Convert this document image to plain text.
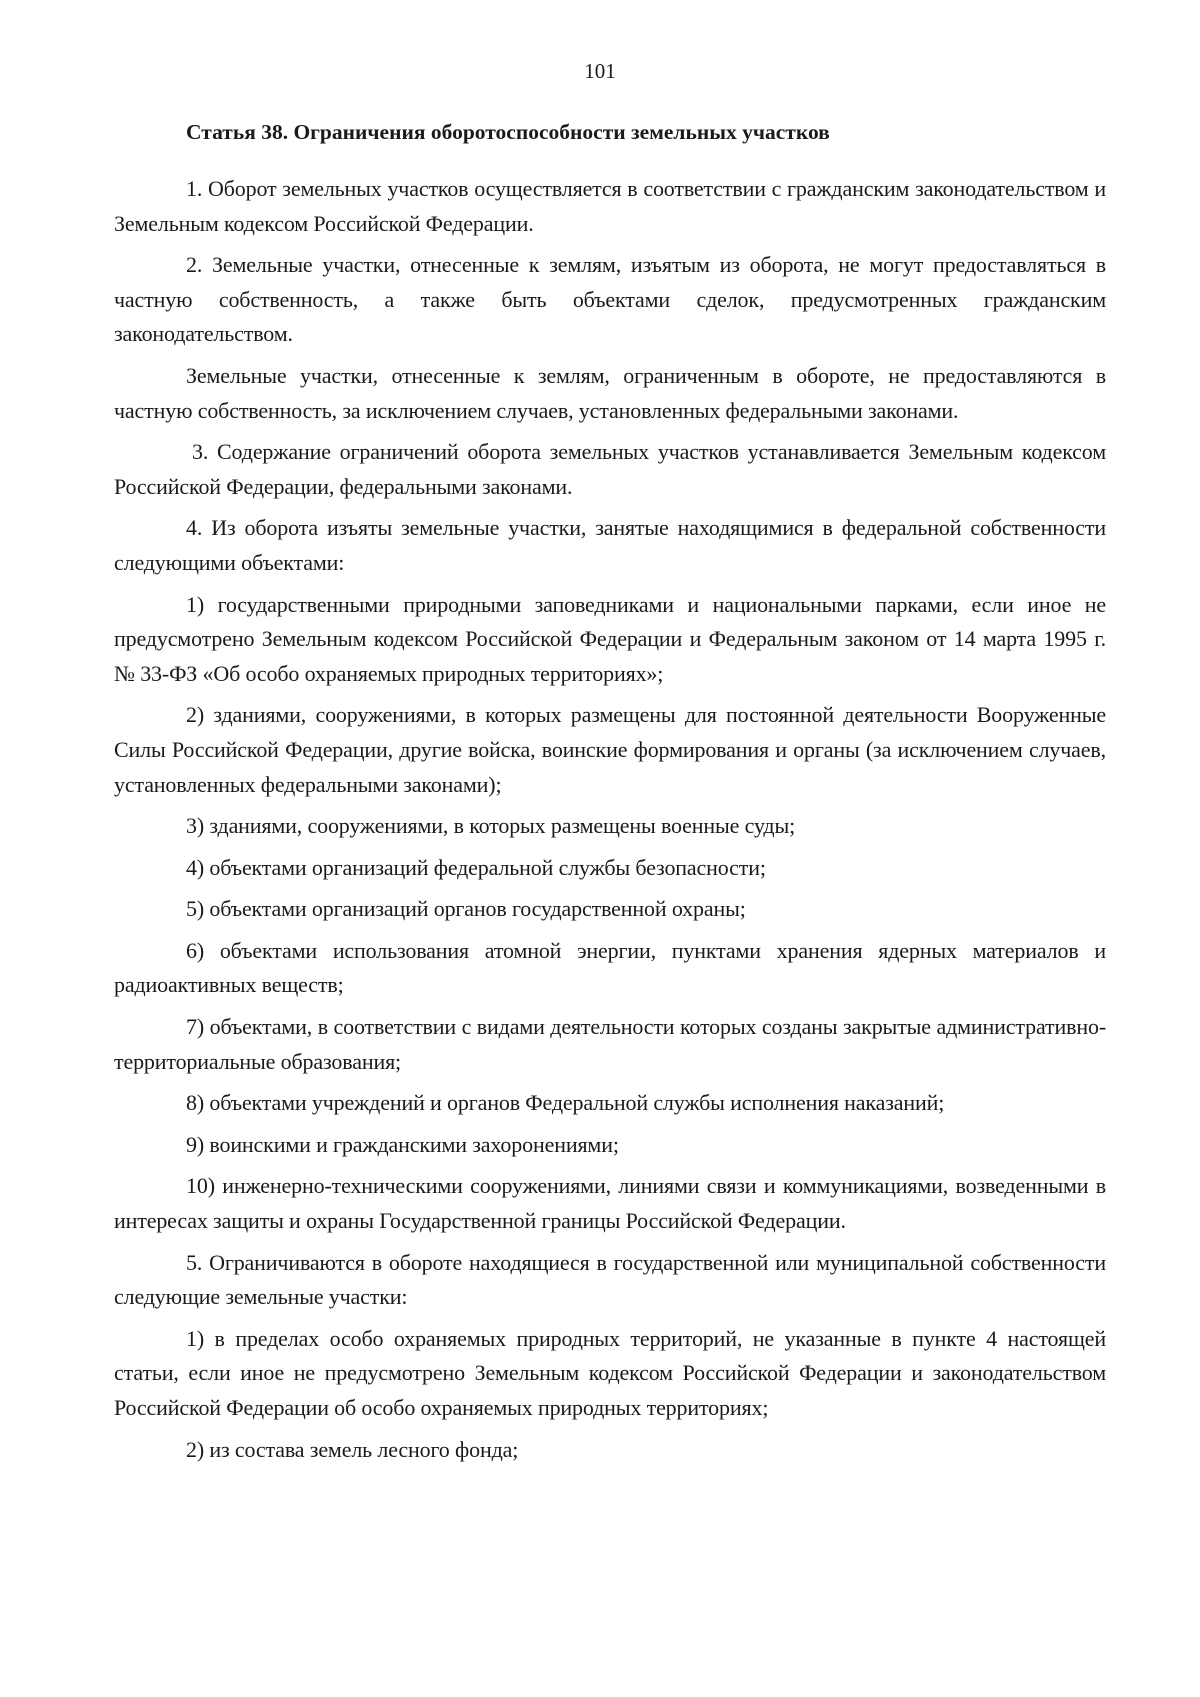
101
Статья 38. Ограничения оборотоспособности земельных участков

1. Оборот земельных участков осуществляется в соответствии с гражданским законодательством и Земельным кодексом Российской Федерации.

2. Земельные участки, отнесенные к землям, изъятым из оборота, не могут предоставляться в частную собственность, а также быть объектами сделок, предусмотренных гражданским законодательством.

Земельные участки, отнесенные к землям, ограниченным в обороте, не предоставляются в частную собственность, за исключением случаев, установленных федеральными законами.

3. Содержание ограничений оборота земельных участков устанавливается Земельным кодексом Российской Федерации, федеральными законами.

4. Из оборота изъяты земельные участки, занятые находящимися в федеральной собственности следующими объектами:

1) государственными природными заповедниками и национальными парками, если иное не предусмотрено Земельным кодексом Российской Федерации и Федеральным законом от 14 марта 1995 г. № 33-ФЗ «Об особо охраняемых природных территориях»;

2) зданиями, сооружениями, в которых размещены для постоянной деятельности Вооруженные Силы Российской Федерации, другие войска, воинские формирования и органы (за исключением случаев, установленных федеральными законами);

3) зданиями, сооружениями, в которых размещены военные суды;

4) объектами организаций федеральной службы безопасности;

5) объектами организаций органов государственной охраны;

6) объектами использования атомной энергии, пунктами хранения ядерных материалов и радиоактивных веществ;

7) объектами, в соответствии с видами деятельности которых созданы закрытые административно-территориальные образования;

8) объектами учреждений и органов Федеральной службы исполнения наказаний;

9) воинскими и гражданскими захоронениями;

10) инженерно-техническими сооружениями, линиями связи и коммуникациями, возведенными в интересах защиты и охраны Государственной границы Российской Федерации.

5. Ограничиваются в обороте находящиеся в государственной или муниципальной собственности следующие земельные участки:

1) в пределах особо охраняемых природных территорий, не указанные в пункте 4 настоящей статьи, если иное не предусмотрено Земельным кодексом Российской Федерации и законодательством Российской Федерации об особо охраняемых природных территориях;

2) из состава земель лесного фонда;
